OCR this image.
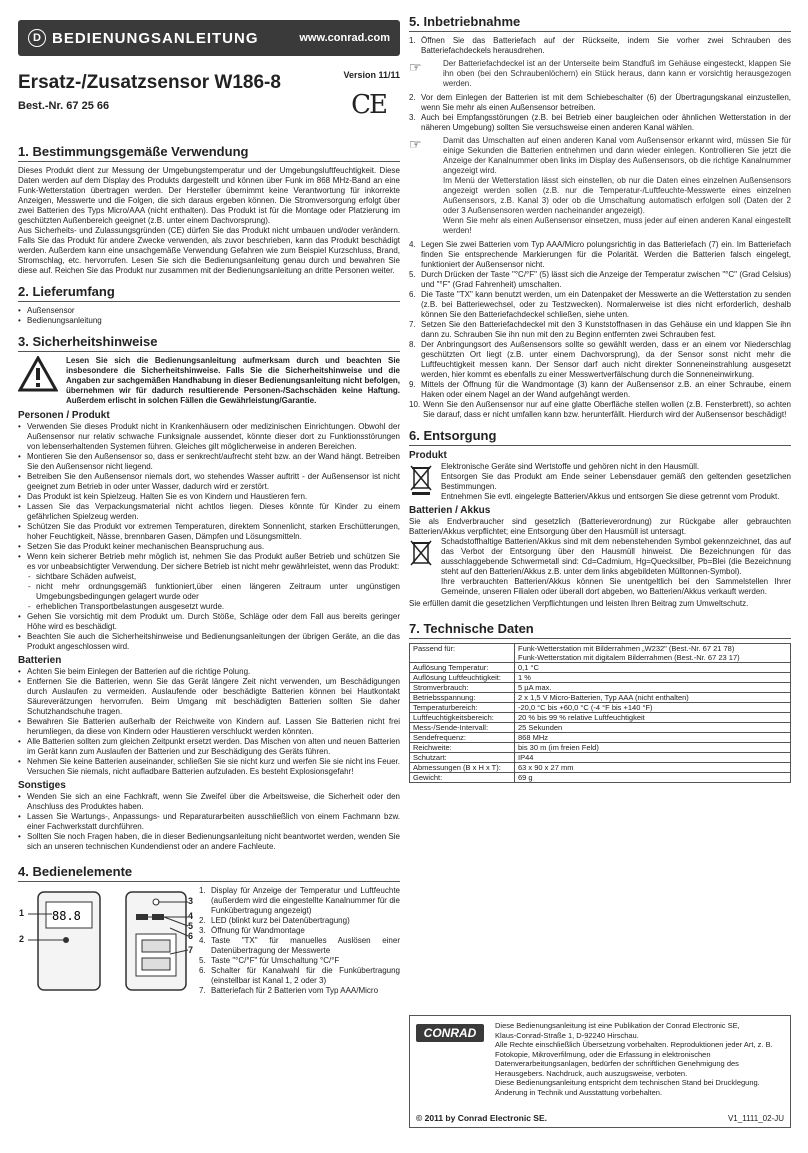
D BEDIENUNGSANLEITUNG	www.conrad.com
Ersatz-/Zusatzsensor W186-8	Version 11/11
Best.-Nr. 67 25 66	CE
1. Bestimmungsgemäße Verwendung

Dieses Produkt dient zur Messung der Umgebungstemperatur und der Umgebungsluftfeuchtigkeit. Diese Daten werden auf dem Display des Produkts dargestellt und können über Funk im 868 MHz-Band an eine Funk-Wetterstation übertragen werden. Der Hersteller übernimmt keine Verantwortung für inkorrekte Anzeigen, Messwerte und die Folgen, die sich daraus ergeben können. Die Stromversorgung erfolgt über zwei Batterien des Typs Micro/AAA (nicht enthalten). Das Produkt ist für die Montage oder Platzierung im geschützten Außenbereich geeignet (z.B. unter einem Dachvorsprung).

Aus Sicherheits- und Zulassungsgründen (CE) dürfen Sie das Produkt nicht umbauen und/oder verändern. Falls Sie das Produkt für andere Zwecke verwenden, als zuvor beschrieben, kann das Produkt beschädigt werden. Außerdem kann eine unsachgemäße Verwendung Gefahren wie zum Beispiel Kurzschluss, Brand, Stromschlag, etc. hervorrufen. Lesen Sie sich die Bedienungsanleitung genau durch und bewahren Sie diese auf. Reichen Sie das Produkt nur zusammen mit der Bedienungsanleitung an dritte Personen weiter.

2. Lieferumfang
• Außensensor
• Bedienungsanleitung
3. Sicherheitshinweise

Lesen Sie sich die Bedienungsanleitung aufmerksam durch und beachten Sie insbesondere die Sicherheitshinweise. Falls Sie die Sicherheitshinweise und die Angaben zur sachgemäßen Handhabung in dieser Bedienungsanleitung nicht befolgen, übernehmen wir für dadurch resultierende Personen-/Sachschäden keine Haftung. Außerdem erlischt in solchen Fällen die Gewährleistung/Garantie.

Personen / Produkt
• Verwenden Sie dieses Produkt nicht in Krankenhäusern oder medizinischen Einrichtungen. Obwohl der Außensensor nur relativ schwache Funksignale aussendet, könnte dieser dort zu Funktionsstörungen von lebenserhaltenden Systemen führen. Gleiches gilt möglicherweise in anderen Bereichen.
• Montieren Sie den Außensensor so, dass er senkrecht/aufrecht steht bzw. an der Wand hängt. Betreiben Sie den Außensensor nicht liegend.
• Betreiben Sie den Außensensor niemals dort, wo stehendes Wasser auftritt - der Außensensor ist nicht geeignet zum Betrieb in oder unter Wasser, dadurch wird er zerstört.
• Das Produkt ist kein Spielzeug. Halten Sie es von Kindern und Haustieren fern.
• Lassen Sie das Verpackungsmaterial nicht achtlos liegen. Dieses könnte für Kinder zu einem gefährlichen Spielzeug werden.
• Schützen Sie das Produkt vor extremen Temperaturen, direktem Sonnenlicht, starken Erschütterungen, hoher Feuchtigkeit, Nässe, brennbaren Gasen, Dämpfen und Lösungsmitteln.
• Setzen Sie das Produkt keiner mechanischen Beanspruchung aus.
• Wenn kein sicherer Betrieb mehr möglich ist, nehmen Sie das Produkt außer Betrieb und schützen Sie es vor unbeabsichtigter Verwendung. Der sichere Betrieb ist nicht mehr gewährleistet, wenn das Produkt:
- sichtbare Schäden aufweist,
- nicht mehr ordnungsgemäß funktioniert,über einen längeren Zeitraum unter ungünstigen Umgebungsbedingungen gelagert wurde oder
- erheblichen Transportbelastungen ausgesetzt wurde.
• Gehen Sie vorsichtig mit dem Produkt um. Durch Stöße, Schläge oder dem Fall aus bereits geringer Höhe wird es beschädigt.
• Beachten Sie auch die Sicherheitshinweise und Bedienungsanleitungen der übrigen Geräte, an die das Produkt angeschlossen wird.
Batterien
• Achten Sie beim Einlegen der Batterien auf die richtige Polung.
• Entfernen Sie die Batterien, wenn Sie das Gerät längere Zeit nicht verwenden, um Beschädigungen durch Auslaufen zu vermeiden. Auslaufende oder beschädigte Batterien können bei Hautkontakt Säureverätzungen hervorrufen. Beim Umgang mit beschädigten Batterien sollten Sie daher Schutzhandschuhe tragen.
• Bewahren Sie Batterien außerhalb der Reichweite von Kindern auf. Lassen Sie Batterien nicht frei herumliegen, da diese von Kindern oder Haustieren verschluckt werden könnten.
• Alle Batterien sollten zum gleichen Zeitpunkt ersetzt werden. Das Mischen von alten und neuen Batterien im Gerät kann zum Auslaufen der Batterien und zur Beschädigung des Geräts führen.
• Nehmen Sie keine Batterien auseinander, schließen Sie sie nicht kurz und werfen Sie sie nicht ins Feuer. Versuchen Sie niemals, nicht aufladbare Batterien aufzuladen. Es besteht Explosionsgefahr!
Sonstiges
• Wenden Sie sich an eine Fachkraft, wenn Sie Zweifel über die Arbeitsweise, die Sicherheit oder den Anschluss des Produktes haben.
• Lassen Sie Wartungs-, Anpassungs- und Reparaturarbeiten ausschließlich von einem Fachmann bzw. einer Fachwerkstatt durchführen.
• Sollten Sie noch Fragen haben, die in dieser Bedienungsanleitung nicht beantwortet werden, wenden Sie sich an unseren technischen Kundendienst oder an andere Fachleute.
4. Bedienelemente
88.8
1
2
3
4
5
6
7
1. Display für Anzeige der Temperatur und Luftfeuchte (außerdem wird die eingestellte Kanalnummer für die Funkübertragung angezeigt)
2. LED (blinkt kurz bei Datenübertragung)
3. Öffnung für Wandmontage
4. Taste "TX" für manuelles Auslösen einer Datenübertragung der Messwerte
5. Taste "°C/°F" für Umschaltung °C/°F
6. Schalter für Kanalwahl für die Funkübertragung (einstellbar ist Kanal 1, 2 oder 3)
7. Batteriefach für 2 Batterien vom Typ AAA/Micro
5. Inbetriebnahme
1. Öffnen Sie das Batteriefach auf der Rückseite, indem Sie vorher zwei Schrauben des Batteriefachdeckels herausdrehen.
☞	Der Batteriefachdeckel ist an der Unterseite beim Standfuß im Gehäuse eingesteckt, klappen Sie ihn oben (bei den Schraubenlöchern) ein Stück heraus, dann kann er vorsichtig herausgezogen werden.

2. Vor dem Einlegen der Batterien ist mit dem Schiebeschalter (6) der Übertragungskanal einzustellen, wenn Sie mehr als einen Außensensor betreiben.
3. Auch bei Empfangsstörungen (z.B. bei Betrieb einer baugleichen oder ähnlichen Wetterstation in der näheren Umgebung) sollten Sie versuchsweise einen anderen Kanal wählen.
☞	Damit das Umschalten auf einen anderen Kanal vom Außensensor erkannt wird, müssen Sie für einige Sekunden die Batterien entnehmen und dann wieder einlegen. Kontrollieren Sie jetzt die Anzeige der Kanalnummer oben links im Display des Außensensors, ob die richtige Kanalnummer angezeigt wird.

Im Menü der Wetterstation lässt sich einstellen, ob nur die Daten eines einzelnen Außensensors angezeigt werden sollen (z.B. nur die Temperatur-/Luftfeuchte-Messwerte eines einzelnen Außensensors, z.B. Kanal 3) oder ob die Umschaltung automatisch erfolgen soll (Daten der 2 oder 3 Außensensoren werden nacheinander angezeigt).

Wenn Sie mehr als einen Außensensor einsetzen, muss jeder auf einen anderen Kanal eingestellt werden!

4. Legen Sie zwei Batterien vom Typ AAA/Micro polungsrichtig in das Batteriefach (7) ein. Im Batteriefach finden Sie entsprechende Markierungen für die Polarität. Werden die Batterien falsch eingelegt, funktioniert der Außensensor nicht.
5. Durch Drücken der Taste "°C/°F" (5) lässt sich die Anzeige der Temperatur zwischen "°C" (Grad Celsius) und "°F" (Grad Fahrenheit) umschalten.
6. Die Taste "TX" kann benutzt werden, um ein Datenpaket der Messwerte an die Wetterstation zu senden (z.B. bei Batteriewechsel, oder zu Testzwecken). Normalerweise ist dies nicht erforderlich, deshalb können Sie den Batteriefachdeckel schließen, siehe unten.
7. Setzen Sie den Batteriefachdeckel mit den 3 Kunststoffnasen in das Gehäuse ein und klappen Sie ihn dann zu. Schrauben Sie ihn nun mit den zu Beginn entfernten zwei Schrauben fest.
8. Der Anbringungsort des Außensensors sollte so gewählt werden, dass er an einem vor Niederschlag geschützten Ort liegt (z.B. unter einem Dachvorsprung), da der Sensor sonst nicht mehr die Luftfeuchtigkeit messen kann. Der Sensor darf auch nicht direkter Sonneneinstrahlung ausgesetzt werden, hier kommt es ebenfalls zu einer Messwertverfälschung durch die Sonneneinwirkung.
9. Mittels der Öffnung für die Wandmontage (3) kann der Außensensor z.B. an einer Schraube, einem Haken oder einem Nagel an der Wand aufgehängt werden.
10. Wenn Sie den Außensensor nur auf eine glatte Oberfläche stellen wollen (z.B. Fensterbrett), so achten Sie darauf, dass er nicht umfallen kann bzw. herunterfällt. Hierdurch wird der Außensensor beschädigt!
6. Entsorgung
Produkt

Elektronische Geräte sind Wertstoffe und gehören nicht in den Hausmüll.

Entsorgen Sie das Produkt am Ende seiner Lebensdauer gemäß den geltenden gesetzlichen Bestimmungen.

Entnehmen Sie evtl. eingelegte Batterien/Akkus und entsorgen Sie diese getrennt vom Produkt.

Batterien / Akkus

Sie als Endverbraucher sind gesetzlich (Batterieverordnung) zur Rückgabe aller gebrauchten Batterien/Akkus verpflichtet; eine Entsorgung über den Hausmüll ist untersagt.

Schadstoffhaltige Batterien/Akkus sind mit dem nebenstehenden Symbol gekennzeichnet, das auf das Verbot der Entsorgung über den Hausmüll hinweist. Die Bezeichnungen für das ausschlaggebende Schwermetall sind: Cd=Cadmium, Hg=Quecksilber, Pb=Blei (die Bezeichnung steht auf den Batterien/Akkus z.B. unter dem links abgebildeten Mülltonnen-Symbol).

Ihre verbrauchten Batterien/Akkus können Sie unentgeltlich bei den Sammelstellen Ihrer Gemeinde, unseren Filialen oder überall dort abgeben, wo Batterien/Akkus verkauft werden.

Sie erfüllen damit die gesetzlichen Verpflichtungen und leisten Ihren Beitrag zum Umweltschutz.

7. Technische Daten
Passend für:	Funk-Wetterstation mit Bilderrahmen „W232" (Best.-Nr. 67 21 78)
Funk-Wetterstation mit digitalem Bilderrahmen (Best.-Nr. 67 23 17)
Auflösung Temperatur:	0,1 °C
Auflösung Luftfeuchtigkeit:	1 %
Stromverbrauch:	5 µA max.
Betriebsspannung:	2 x 1,5 V Micro-Batterien, Typ AAA (nicht enthalten)
Temperaturbereich:	-20,0 °C bis +60,0 °C (-4 °F bis +140 °F)
Luftfeuchtigkeitsbereich:	20 % bis 99 % relative Luftfeuchtigkeit
Mess-/Sende-Intervall:	25 Sekunden
Sendefrequenz:	868 MHz
Reichweite:	bis 30 m (im freien Feld)
Schutzart:	IP44
Abmessungen (B x H x T):	63 x 90 x 27 mm
Gewicht:	69 g
CONRAD
Diese Bedienungsanleitung ist eine Publikation der Conrad Electronic SE,
Klaus-Conrad-Straße 1, D-92240 Hirschau.
Alle Rechte einschließlich Übersetzung vorbehalten. Reproduktionen jeder Art, z. B. Fotokopie, Mikroverfilmung, oder die Erfassung in elektronischen Datenverarbeitungsanlagen, bedürfen der schriftlichen Genehmigung des Herausgebers. Nachdruck, auch auszugsweise, verboten.
Diese Bedienungsanleitung entspricht dem technischen Stand bei Drucklegung.
Änderung in Technik und Ausstattung vorbehalten.
© 2011 by Conrad Electronic SE.	V1_1111_02-JU
